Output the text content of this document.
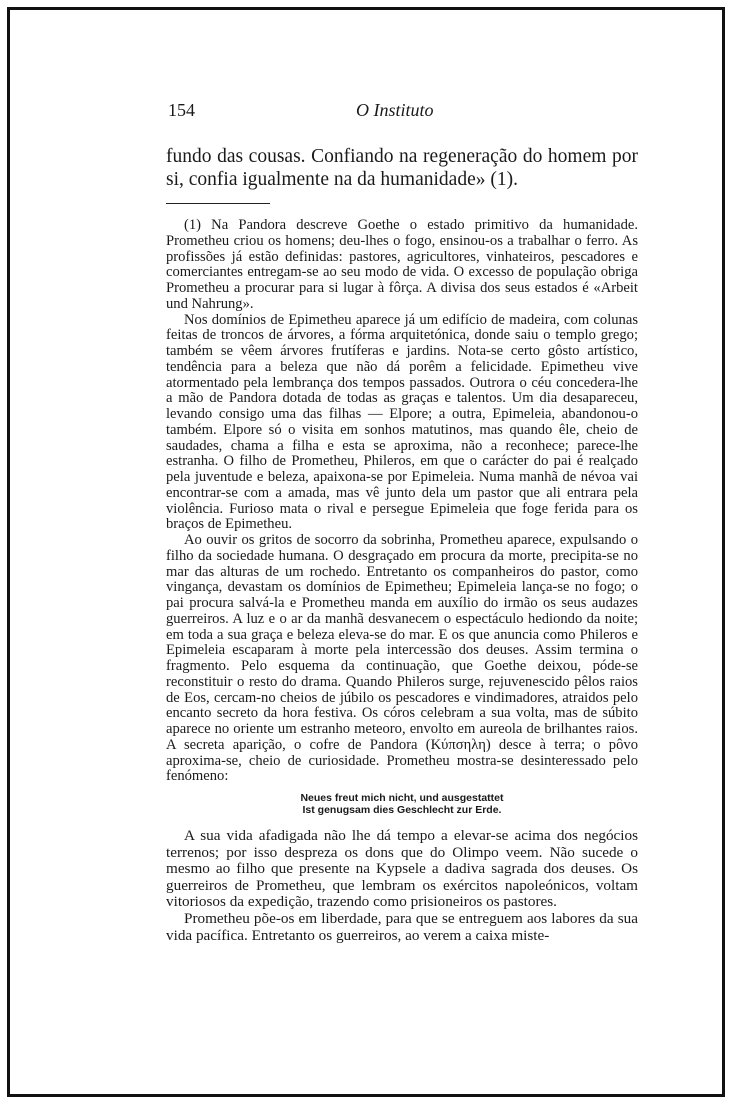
154	O Instituto

fundo das cousas. Confiando na regeneração do homem por si, confia igualmente na da humanidade» (1).

(1) Na Pandora descreve Goethe o estado primitivo da humanidade. Prometheu criou os homens; deu-lhes o fogo, ensinou-os a trabalhar o ferro. As profissões já estão definidas: pastores, agricultores, vinhateiros, pescadores e comerciantes entregam-se ao seu modo de vida. O excesso de população obriga Prometheu a procurar para si lugar à fôrça. A divisa dos seus estados é «Arbeit und Nahrung».

Nos domínios de Epimetheu aparece já um edifício de madeira, com colunas feitas de troncos de árvores, a fórma arquitetónica, donde saiu o templo grego; também se vêem árvores frutíferas e jardins. Nota-se certo gôsto artístico, tendência para a beleza que não dá porêm a felicidade. Epimetheu vive atormentado pela lembrança dos tempos passados. Outrora o céu concedera-lhe a mão de Pandora dotada de todas as graças e talentos. Um dia desapareceu, levando consigo uma das filhas — Elpore; a outra, Epimeleia, abandonou-o também. Elpore só o visita em sonhos matutinos, mas quando êle, cheio de saudades, chama a filha e esta se aproxima, não a reconhece; parece-lhe estranha. O filho de Prometheu, Phileros, em que o carácter do pai é realçado pela juventude e beleza, apaixona-se por Epimeleia. Numa manhã de névoa vai encontrar-se com a amada, mas vê junto dela um pastor que ali entrara pela violência. Furioso mata o rival e persegue Epimeleia que foge ferida para os braços de Epimetheu.

Ao ouvir os gritos de socorro da sobrinha, Prometheu aparece, expulsando o filho da sociedade humana. O desgraçado em procura da morte, precipita-se no mar das alturas de um rochedo. Entretanto os companheiros do pastor, como vingança, devastam os domínios de Epimetheu; Epimeleia lança-se no fogo; o pai procura salvá-la e Prometheu manda em auxílio do irmão os seus audazes guerreiros. A luz e o ar da manhã desvanecem o espectáculo hediondo da noite; em toda a sua graça e beleza eleva-se do mar. E os que anuncia como Phileros e Epimeleia escaparam à morte pela intercessão dos deuses. Assim termina o fragmento. Pelo esquema da continuação, que Goethe deixou, póde-se reconstituir o resto do drama. Quando Phileros surge, rejuvenescido pêlos raios de Eos, cercam-no cheios de júbilo os pescadores e vindimadores, atraidos pelo encanto secreto da hora festiva. Os córos celebram a sua volta, mas de súbito aparece no oriente um estranho meteoro, envolto em aureola de brilhantes raios. A secreta aparição, o cofre de Pandora (Κύπσηλη) desce à terra; o pôvo aproxima-se, cheio de curiosidade. Prometheu mostra-se desinteressado pelo fenómeno:

Neues freut mich nicht, und ausgestattet
Ist genugsam dies Geschlecht zur Erde.

A sua vida afadigada não lhe dá tempo a elevar-se acima dos negócios terrenos; por isso despreza os dons que do Olimpo veem. Não sucede o mesmo ao filho que presente na Kypsele a dadiva sagrada dos deuses. Os guerreiros de Prometheu, que lembram os exércitos napoleónicos, voltam vitoriosos da expedição, trazendo como prisioneiros os pastores.

Prometheu põe-os em liberdade, para que se entreguem aos labores da sua vida pacífica. Entretanto os guerreiros, ao verem a caixa miste-
